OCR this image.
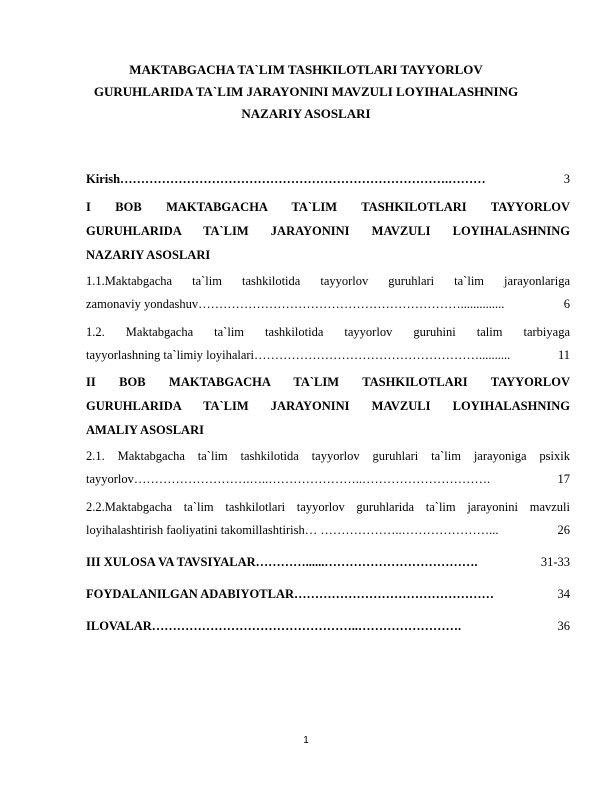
MAKTABGACHA TA`LIM TASHKILOTLARI TAYYORLOV
GURUHLARIDA TA`LIM JARAYONINI MAVZULI LOYIHALASHNING
NAZARIY ASOSLARI
Kirish …………………………………………………………………….………	3
I BOB MAKTABGACHA TA`LIM TASHKILOTLARI TAYYORLOV
GURUHLARIDA TA`LIM JARAYONINI MAVZULI LOYIHALASHNING
NAZARIY ASOSLARI
1.1.Maktabgacha ta`lim tashkilotida tayyorlov guruhlari ta`lim jarayonlariga
zamonaviy yondashuv ………………………………………………………..............	6
1.2. Maktabgacha ta`lim tashkilotida tayyorlov guruhini talim tarbiyaga
tayyorlashning ta`limiy loyihalari ………………………………………………..........	11
II BOB MAKTABGACHA TA`LIM TASHKILOTLARI TAYYORLOV
GURUHLARIDA TA`LIM JARAYONINI MAVZULI LOYIHALASHNING
AMALIY ASOSLARI
2.1. Maktabgacha ta`lim tashkilotida tayyorlov guruhlari ta`lim jarayoniga psixik
tayyorlov ……………………….…..…………………..………………………….	17
2.2.Maktabgacha ta`lim tashkilotlari tayyorlov guruhlarida ta`lim jarayonini mavzuli
loyihalashtirish faoliyatini takomillashtirish … ………………..…………………...	26
III XULOSA VA TAVSIYALAR …………......……………………………….	31-33
FOYDALANILGAN ADABIYOTLAR …………………………………………	34
ILOVALAR …………………………………………..…………………….	36
1
